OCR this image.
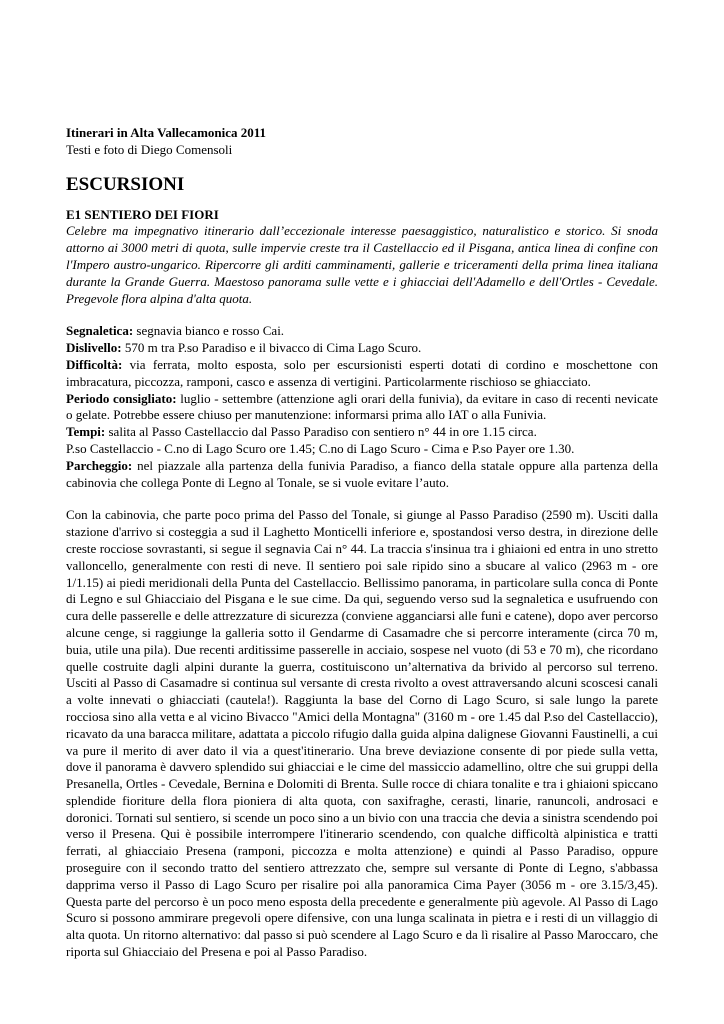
Itinerari in Alta Vallecamonica 2011
Testi e foto di Diego Comensoli
ESCURSIONI
E1 SENTIERO DEI FIORI
Celebre ma impegnativo itinerario dall’eccezionale interesse paesaggistico, naturalistico e storico. Si snoda attorno ai 3000 metri di quota, sulle impervie creste tra il Castellaccio ed il Pisgana, antica linea di confine con l'Impero austro-ungarico. Ripercorre gli arditi camminamenti, gallerie e triceramenti della prima linea italiana durante la Grande Guerra. Maestoso panorama sulle vette e i ghiacciai dell'Adamello e dell'Ortles ‐ Cevedale. Pregevole flora alpina d'alta quota.
Segnaletica: segnavia bianco e rosso Cai.
Dislivello: 570 m tra P.so Paradiso e il bivacco di Cima Lago Scuro.
Difficoltà: via ferrata, molto esposta, solo per escursionisti esperti dotati di cordino e moschettone con imbracatura, piccozza, ramponi, casco e assenza di vertigini. Particolarmente rischioso se ghiacciato.
Periodo consigliato: luglio - settembre (attenzione agli orari della funivia), da evitare in caso di recenti nevicate o gelate. Potrebbe essere chiuso per manutenzione: informarsi prima allo IAT o alla Funivia.
Tempi: salita al Passo Castellaccio dal Passo Paradiso con sentiero n° 44 in ore 1.15 circa.
P.so Castellaccio ‐ C.no di Lago Scuro ore 1.45; C.no di Lago Scuro ‐ Cima e P.so Payer ore 1.30.
Parcheggio: nel piazzale alla partenza della funivia Paradiso, a fianco della statale oppure alla partenza della cabinovia che collega Ponte di Legno al Tonale, se si vuole evitare l’auto.
Con la cabinovia, che parte poco prima del Passo del Tonale, si giunge al Passo Paradiso (2590 m). Usciti dalla stazione d'arrivo si costeggia a sud il Laghetto Monticelli inferiore e, spostandosi verso destra, in direzione delle creste rocciose sovrastanti, si segue il segnavia Cai n° 44. La traccia s'insinua tra i ghiaioni ed entra in uno stretto valloncello, generalmente con resti di neve. Il sentiero poi sale ripido sino a sbucare al valico (2963 m - ore 1/1.15) ai piedi meridionali della Punta del Castellaccio. Bellissimo panorama, in particolare sulla conca di Ponte di Legno e sul Ghiacciaio del Pisgana e le sue cime. Da qui, seguendo verso sud la segnaletica e usufruendo con cura delle passerelle e delle attrezzature di sicurezza (conviene agganciarsi alle funi e catene), dopo aver percorso alcune cenge, si raggiunge la galleria sotto il Gendarme di Casamadre che si percorre interamente (circa 70 m, buia, utile una pila). Due recenti arditissime passerelle in acciaio, sospese nel vuoto (di 53 e 70 m), che ricordano quelle costruite dagli alpini durante la guerra, costituiscono un’alternativa da brivido al percorso sul terreno. Usciti al Passo di Casamadre si continua sul versante di cresta rivolto a ovest attraversando alcuni scoscesi canali a volte innevati o ghiacciati (cautela!). Raggiunta la base del Corno di Lago Scuro, si sale lungo la parete rocciosa sino alla vetta e al vicino Bivacco "Amici della Montagna" (3160 m - ore 1.45 dal P.so del Castellaccio), ricavato da una baracca militare, adattata a piccolo rifugio dalla guida alpina dalignese Giovanni Faustinelli, a cui va pure il merito di aver dato il via a quest'itinerario. Una breve deviazione consente di por piede sulla vetta, dove il panorama è davvero splendido sui ghiacciai e le cime del massiccio adamellino, oltre che sui gruppi della Presanella, Ortles - Cevedale, Bernina e Dolomiti di Brenta. Sulle rocce di chiara tonalite e tra i ghiaioni spiccano splendide fioriture della flora pioniera di alta quota, con saxifraghe, cerasti, linarie, ranuncoli, androsaci e doronici. Tornati sul sentiero, si scende un poco sino a un bivio con una traccia che devia a sinistra scendendo poi verso il Presena. Qui è possibile interrompere l'itinerario scendendo, con qualche difficoltà alpinistica e tratti ferrati, al ghiacciaio Presena (ramponi, piccozza e molta attenzione) e quindi al Passo Paradiso, oppure proseguire con il secondo tratto del sentiero attrezzato che, sempre sul versante di Ponte di Legno, s'abbassa dapprima verso il Passo di Lago Scuro per risalire poi alla panoramica Cima Payer (3056 m ‐ ore 3.15/3,45). Questa parte del percorso è un poco meno esposta della precedente e generalmente più agevole. Al Passo di Lago Scuro si possono ammirare pregevoli opere difensive, con una lunga scalinata in pietra e i resti di un villaggio di alta quota. Un ritorno alternativo: dal passo si può scendere al Lago Scuro e da lì risalire al Passo Maroccaro, che riporta sul Ghiacciaio del Presena e poi al Passo Paradiso.
